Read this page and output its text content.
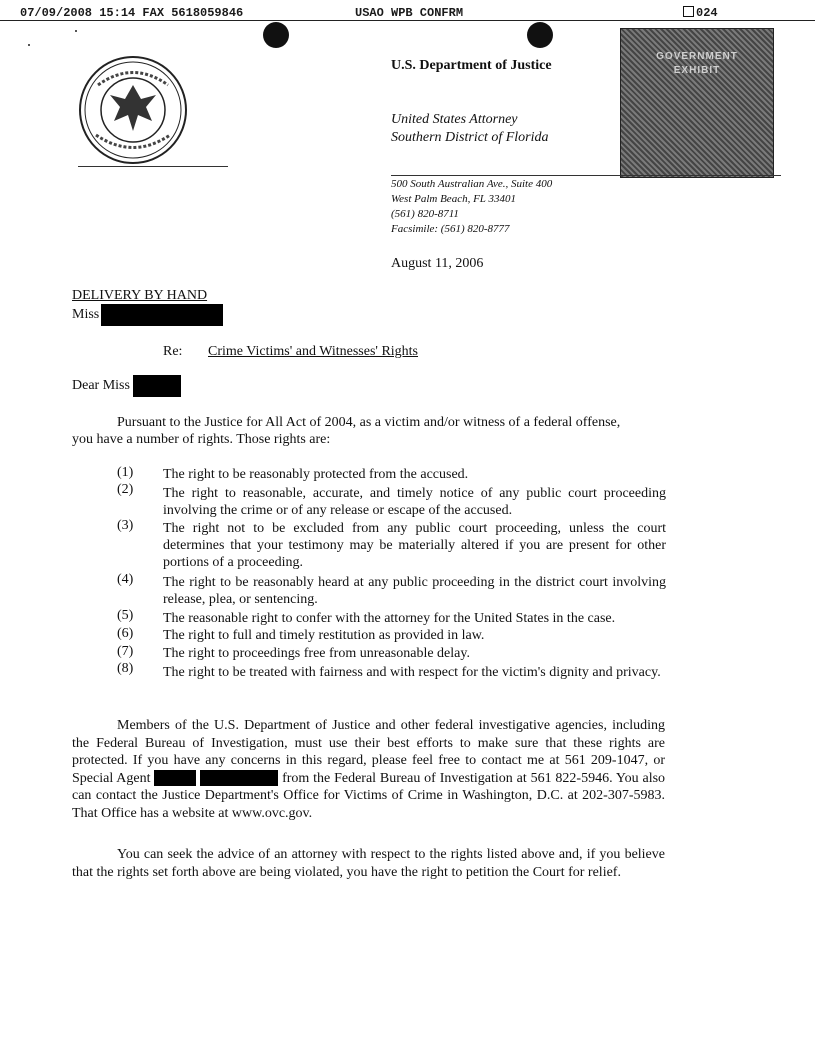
07/09/2008 15:14 FAX 5618059846	USAO WPB CONFRM	024
U.S. Department of Justice
United States Attorney
Southern District of Florida
GOVERNMENT
EXHIBIT
500 South Australian Ave., Suite 400
West Palm Beach, FL 33401
(561) 820-8711
Facsimile: (561) 820-8777
August 11, 2006
DELIVERY BY HAND
Miss
Re: Crime Victims' and Witnesses' Rights
Dear Miss
Pursuant to the Justice for All Act of 2004, as a victim and/or witness of a federal offense,
you have a number of rights. Those rights are:
(1) The right to be reasonably protected from the accused.
(2) The right to reasonable, accurate, and timely notice of any public court proceeding involving the crime or of any release or escape of the accused.
(3) The right not to be excluded from any public court proceeding, unless the court determines that your testimony may be materially altered if you are present for other portions of a proceeding.
(4) The right to be reasonably heard at any public proceeding in the district court involving release, plea, or sentencing.
(5) The reasonable right to confer with the attorney for the United States in the case.
(6) The right to full and timely restitution as provided in law.
(7) The right to proceedings free from unreasonable delay.
(8) The right to be treated with fairness and with respect for the victim's dignity and privacy.
Members of the U.S. Department of Justice and other federal investigative agencies, including the Federal Bureau of Investigation, must use their best efforts to make sure that these rights are protected. If you have any concerns in this regard, please feel free to contact me at 561 209-1047, or Special Agent	from the Federal Bureau of Investigation at 561 822-5946. You also can contact the Justice Department's Office for Victims of Crime in Washington, D.C. at 202-307-5983. That Office has a website at www.ovc.gov.
You can seek the advice of an attorney with respect to the rights listed above and, if you believe that the rights set forth above are being violated, you have the right to petition the Court for relief.
